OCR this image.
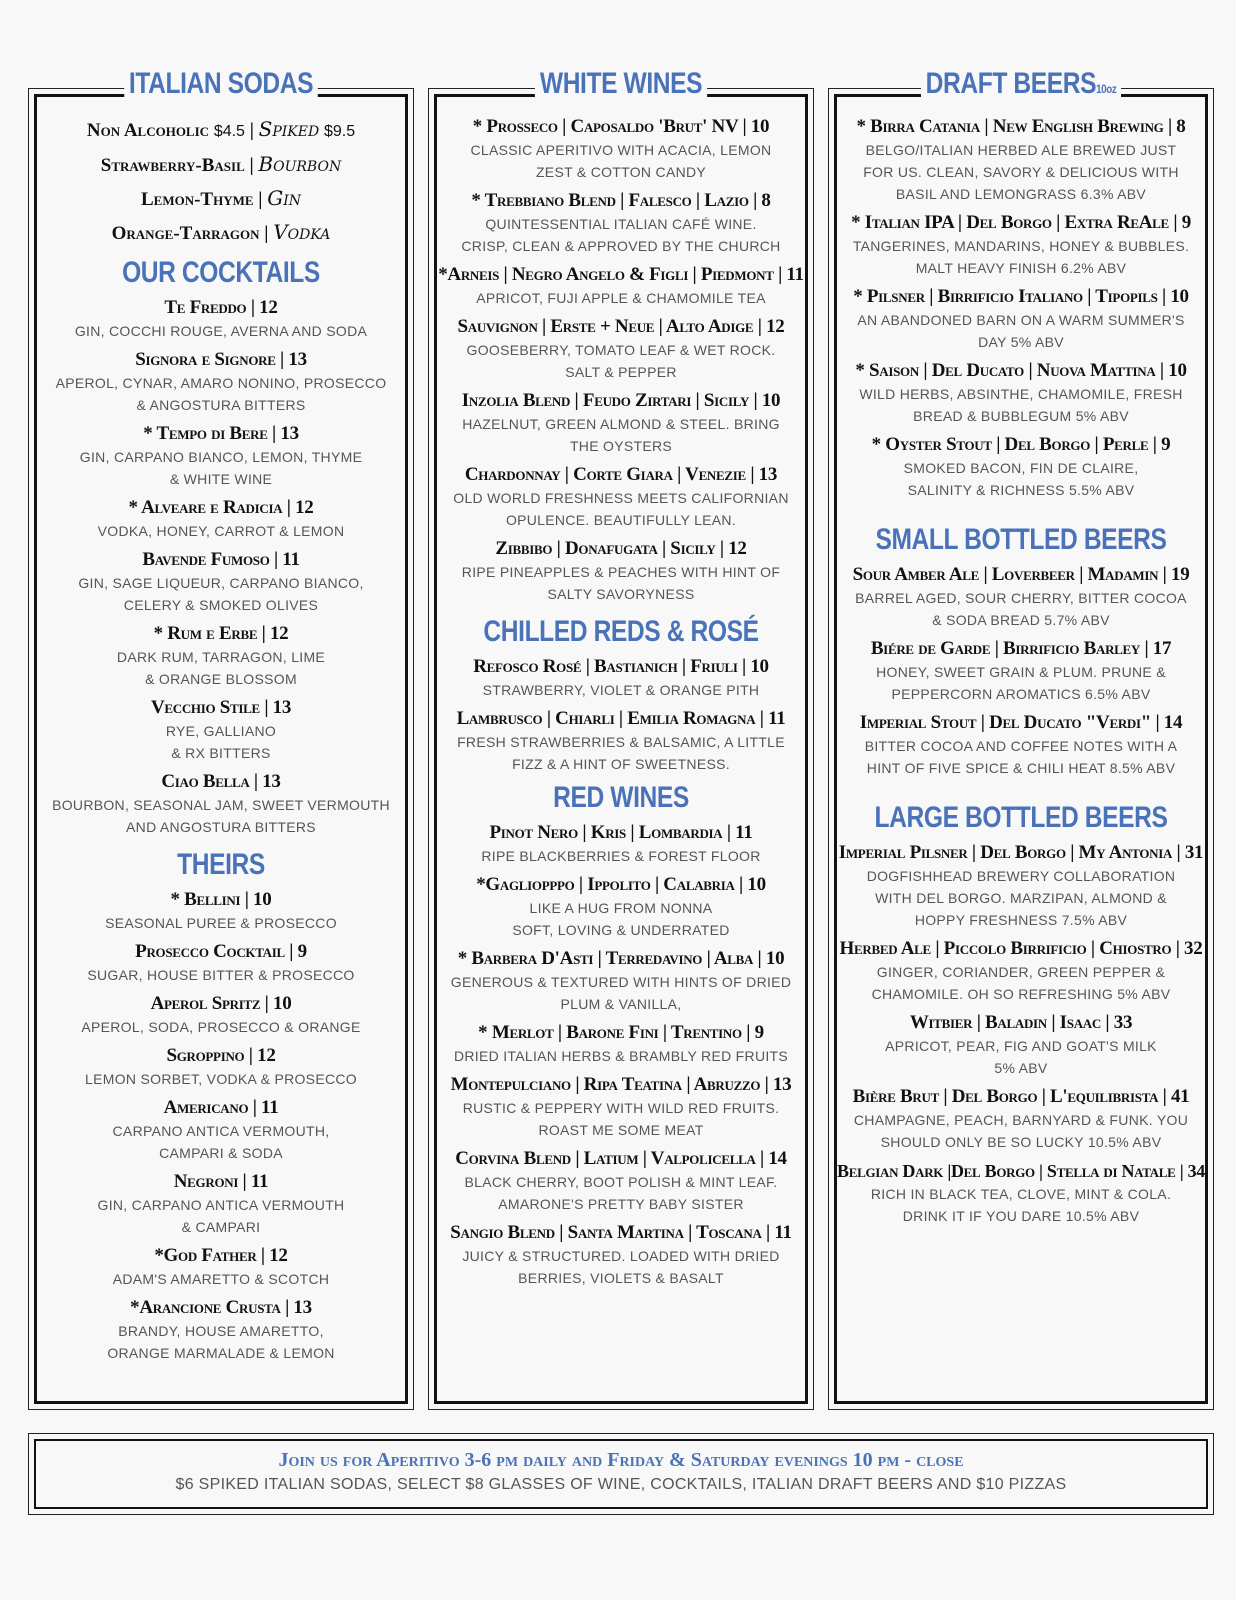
ITALIAN SODAS
Non Alcoholic $4.5 | Spiked $9.5
Strawberry-Basil | Bourbon
Lemon-Thyme | Gin
Orange-Tarragon | Vodka
OUR COCKTAILS
Te Freddo | 12
GIN, COCCHI ROUGE, AVERNA AND SODA
Signora e Signore | 13
APEROL, CYNAR, AMARO NONINO, PROSECCO
& ANGOSTURA BITTERS
* Tempo di Bere | 13
GIN, CARPANO BIANCO, LEMON, THYME
& WHITE WINE
* Alveare e Radicia | 12
VODKA, HONEY, CARROT & LEMON
Bavende Fumoso | 11
GIN, SAGE LIQUEUR, CARPANO BIANCO,
CELERY & SMOKED OLIVES
* Rum e Erbe | 12
DARK RUM, TARRAGON, LIME
& ORANGE BLOSSOM
Vecchio Stile | 13
RYE, GALLIANO
& RX BITTERS
Ciao Bella | 13
BOURBON, SEASONAL JAM, SWEET VERMOUTH
AND ANGOSTURA BITTERS
THEIRS
* Bellini | 10
SEASONAL PUREE & PROSECCO
Prosecco Cocktail | 9
SUGAR, HOUSE BITTER & PROSECCO
Aperol Spritz | 10
APEROL, SODA, PROSECCO & ORANGE
Sgroppino | 12
LEMON SORBET, VODKA & PROSECCO
Americano | 11
CARPANO ANTICA VERMOUTH,
CAMPARI & SODA
Negroni | 11
GIN, CARPANO ANTICA VERMOUTH
& CAMPARI
*God Father | 12
ADAM'S AMARETTO & SCOTCH
*Arancione Crusta | 13
BRANDY, HOUSE AMARETTO,
ORANGE MARMALADE & LEMON
WHITE WINES
* Prosseco | Caposaldo 'Brut' NV | 10
CLASSIC APERITIVO WITH ACACIA, LEMON
ZEST & COTTON CANDY
* Trebbiano Blend | Falesco | Lazio | 8
QUINTESSENTIAL ITALIAN CAFÉ WINE.
CRISP, CLEAN & APPROVED BY THE CHURCH
*Arneis | Negro Angelo & Figli | Piedmont | 11
APRICOT, FUJI APPLE & CHAMOMILE TEA
Sauvignon | Erste + Neue | Alto Adige | 12
GOOSEBERRY, TOMATO LEAF & WET ROCK.
SALT & PEPPER
Inzolia Blend | Feudo Zirtari | Sicily | 10
HAZELNUT, GREEN ALMOND & STEEL. BRING
THE OYSTERS
Chardonnay | Corte Giara | Venezie | 13
OLD WORLD FRESHNESS MEETS CALIFORNIAN
OPULENCE. BEAUTIFULLY LEAN.
Zibbibo | Donafugata | Sicily | 12
RIPE PINEAPPLES & PEACHES WITH HINT OF
SALTY SAVORYNESS
CHILLED REDS & ROSÉ
Refosco Rosé | Bastianich | Friuli | 10
STRAWBERRY, VIOLET & ORANGE PITH
Lambrusco | Chiarli | Emilia Romagna | 11
FRESH STRAWBERRIES & BALSAMIC, A LITTLE
FIZZ & A HINT OF SWEETNESS.
RED WINES
Pinot Nero | Kris | Lombardia | 11
RIPE BLACKBERRIES & FOREST FLOOR
*Gagliopppo | Ippolito | Calabria | 10
LIKE A HUG FROM NONNA
SOFT, LOVING & UNDERRATED
* Barbera D'Asti | Terredavino | Alba | 10
GENEROUS & TEXTURED WITH HINTS OF DRIED
PLUM & VANILLA,
* Merlot | Barone Fini | Trentino | 9
DRIED ITALIAN HERBS & BRAMBLY RED FRUITS
Montepulciano | Ripa Teatina | Abruzzo | 13
RUSTIC & PEPPERY WITH WILD RED FRUITS.
ROAST ME SOME MEAT
Corvina Blend | Latium | Valpolicella | 14
BLACK CHERRY, BOOT POLISH & MINT LEAF.
AMARONE'S PRETTY BABY SISTER
Sangio Blend | Santa Martina | Toscana | 11
JUICY & STRUCTURED. LOADED WITH DRIED
BERRIES, VIOLETS & BASALT
DRAFT BEERS10oz
* Birra Catania | New English Brewing | 8
BELGO/ITALIAN HERBED ALE BREWED JUST
FOR US. CLEAN, SAVORY & DELICIOUS WITH
BASIL AND LEMONGRASS 6.3% ABV
* Italian IPA | Del Borgo | Extra ReAle | 9
TANGERINES, MANDARINS, HONEY & BUBBLES.
MALT HEAVY FINISH 6.2% ABV
* Pilsner | Birrificio Italiano | Tipopils | 10
AN ABANDONED BARN ON A WARM SUMMER'S
DAY 5% ABV
* Saison | Del Ducato | Nuova Mattina | 10
WILD HERBS, ABSINTHE, CHAMOMILE, FRESH
BREAD & BUBBLEGUM 5% ABV
* Oyster Stout | Del Borgo | Perle | 9
SMOKED BACON, FIN DE CLAIRE,
SALINITY & RICHNESS 5.5% ABV
SMALL BOTTLED BEERS
Sour Amber Ale | Loverbeer | Madamin | 19
BARREL AGED, SOUR CHERRY, BITTER COCOA
& SODA BREAD 5.7% ABV
Biére de Garde | Birrificio Barley | 17
HONEY, SWEET GRAIN & PLUM. PRUNE &
PEPPERCORN AROMATICS 6.5% ABV
Imperial Stout | Del Ducato "Verdi" | 14
BITTER COCOA AND COFFEE NOTES WITH A
HINT OF FIVE SPICE & CHILI HEAT 8.5% ABV
LARGE BOTTLED BEERS
Imperial Pilsner | Del Borgo | My Antonia | 31
DOGFISHHEAD BREWERY COLLABORATION
WITH DEL BORGO. MARZIPAN, ALMOND &
HOPPY FRESHNESS 7.5% ABV
Herbed Ale | Piccolo Birrificio | Chiostro | 32
GINGER, CORIANDER, GREEN PEPPER &
CHAMOMILE. OH SO REFRESHING 5% ABV
Witbier | Baladin | Isaac | 33
APRICOT, PEAR, FIG AND GOAT'S MILK
5% ABV
Bière Brut | Del Borgo | L'equilibrista | 41
CHAMPAGNE, PEACH, BARNYARD & FUNK. YOU
SHOULD ONLY BE SO LUCKY 10.5% ABV
Belgian Dark |Del Borgo | Stella di Natale | 34
RICH IN BLACK TEA, CLOVE, MINT & COLA.
DRINK IT IF YOU DARE 10.5% ABV
Join us for Aperitivo 3-6 pm daily and Friday & Saturday evenings 10 pm - close
$6 SPIKED ITALIAN SODAS, SELECT $8 GLASSES OF WINE, COCKTAILS, ITALIAN DRAFT BEERS AND $10 PIZZAS
